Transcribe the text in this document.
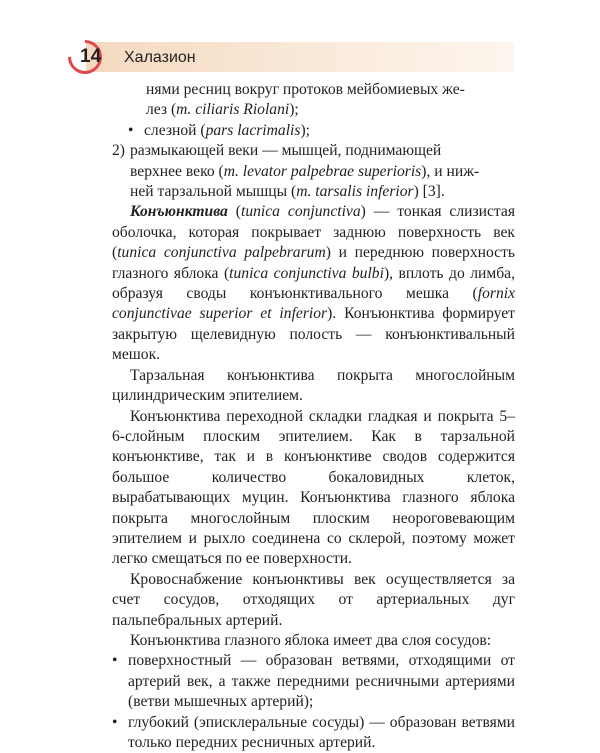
14	Халазион

нями ресниц вокруг протоков мейбомиевых же-

лез (m. ciliaris Riolani);

• слезной (pars lacrimalis);

2) размыкающей веки — мышцей, поднимающей

верхнее веко (m. levator palpebrae superioris), и ниж-

ней тарзальной мышцы (m. tarsalis inferior) [3].

Конъюнктива (tunica conjunctiva) — тонкая слизистая оболочка, которая покрывает заднюю поверхность век (tunica conjunctiva palpebrarum) и переднюю поверхность глазного яблока (tunica conjunctiva bulbi), вплоть до лимба, образуя своды конъюнктивального мешка (fornix conjunctivae superior et inferior). Конъюнктива формирует закрытую щелевидную полость — конъюнктивальный мешок.

Тарзальная конъюнктива покрыта многослойным цилиндрическим эпителием.

Конъюнктива переходной складки гладкая и покрыта 5–6-слойным плоским эпителием. Как в тарзальной конъюнктиве, так и в конъюнктиве сводов содержится большое количество бокаловидных клеток, вырабатывающих муцин. Конъюнктива глазного яблока покрыта многослойным плоским неороговевающим эпителием и рыхло соединена со склерой, поэтому может легко смещаться по ее поверхности.

Кровоснабжение конъюнктивы век осуществляется за счет сосудов, отходящих от артериальных дуг пальпебральных артерий.

Конъюнктива глазного яблока имеет два слоя сосудов:

• поверхностный — образован ветвями, отходящими от артерий век, а также передними ресничными артериями (ветви мышечных артерий);

• глубокий (эписклеральные сосуды) — образован ветвями только передних ресничных артерий.
